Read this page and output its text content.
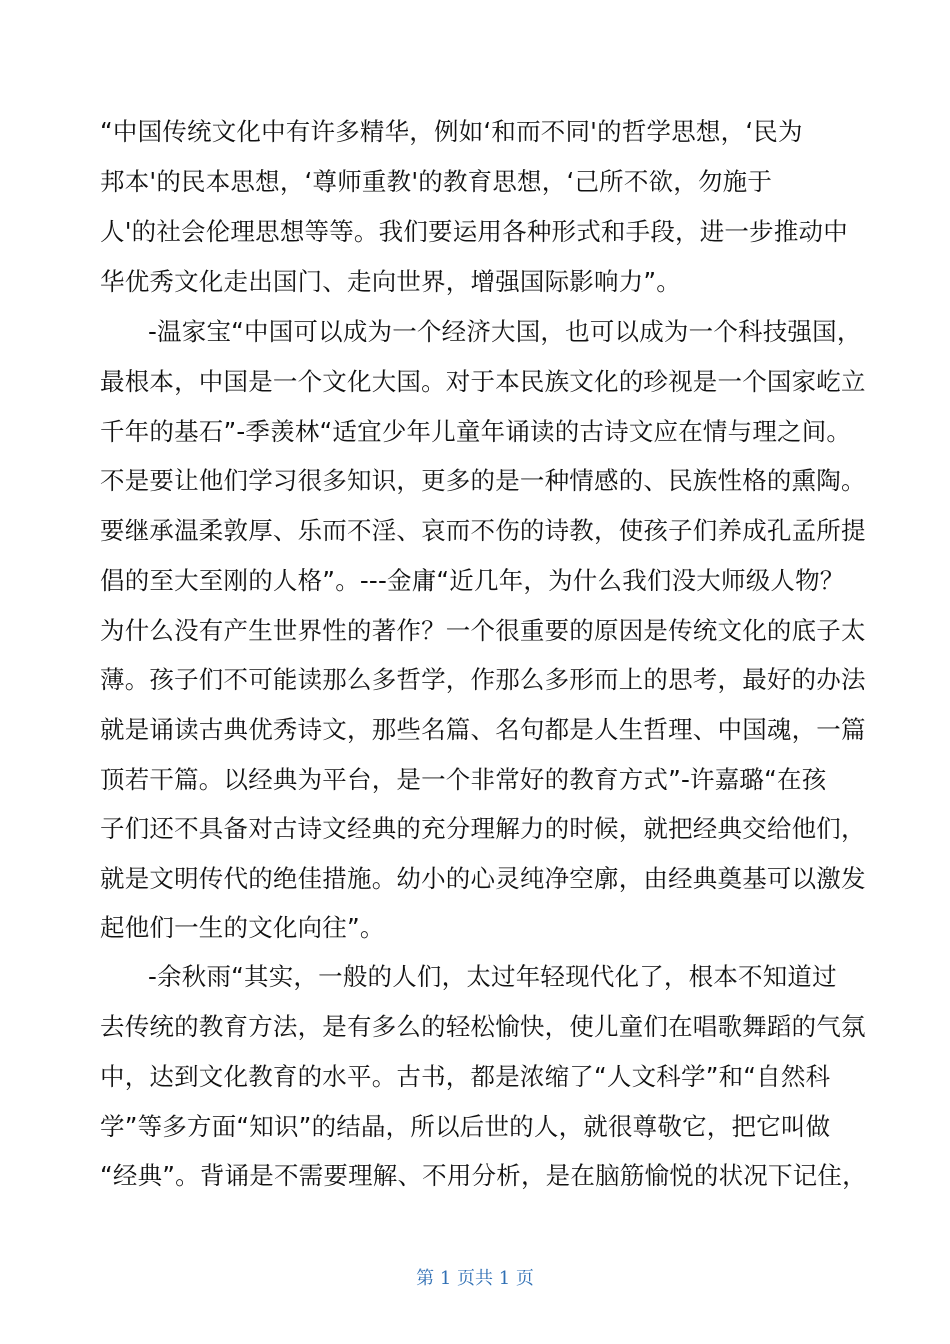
“中国传统文化中有许多精华，例如‘和而不同'的哲学思想，‘民为
邦本'的民本思想，‘尊师重教'的教育思想，‘己所不欲，勿施于
人'的社会伦理思想等等。我们要运用各种形式和手段，进一步推动中
华优秀文化走出国门、走向世界，增强国际影响力”。
-温家宝“中国可以成为一个经济大国，也可以成为一个科技强国，
最根本，中国是一个文化大国。对于本民族文化的珍视是一个国家屹立
千年的基石”-季羡林“适宜少年儿童年诵读的古诗文应在情与理之间。
不是要让他们学习很多知识，更多的是一种情感的、民族性格的熏陶。
要继承温柔敦厚、乐而不淫、哀而不伤的诗教，使孩子们养成孔孟所提
倡的至大至刚的人格”。---金庸“近几年，为什么我们没大师级人物？
为什么没有产生世界性的著作？一个很重要的原因是传统文化的底子太
薄。孩子们不可能读那么多哲学，作那么多形而上的思考，最好的办法
就是诵读古典优秀诗文，那些名篇、名句都是人生哲理、中国魂，一篇
顶若干篇。以经典为平台，是一个非常好的教育方式”-许嘉璐“在孩
子们还不具备对古诗文经典的充分理解力的时候，就把经典交给他们，
就是文明传代的绝佳措施。幼小的心灵纯净空廓，由经典奠基可以激发
起他们一生的文化向往”。
-余秋雨“其实，一般的人们，太过年轻现代化了，根本不知道过
去传统的教育方法，是有多么的轻松愉快，使儿童们在唱歌舞蹈的气氛
中，达到文化教育的水平。古书，都是浓缩了“人文科学”和“自然科
学”等多方面“知识”的结晶，所以后世的人，就很尊敬它，把它叫做
“经典”。背诵是不需要理解、不用分析，是在脑筋愉悦的状况下记住，
第 1 页共 1 页
